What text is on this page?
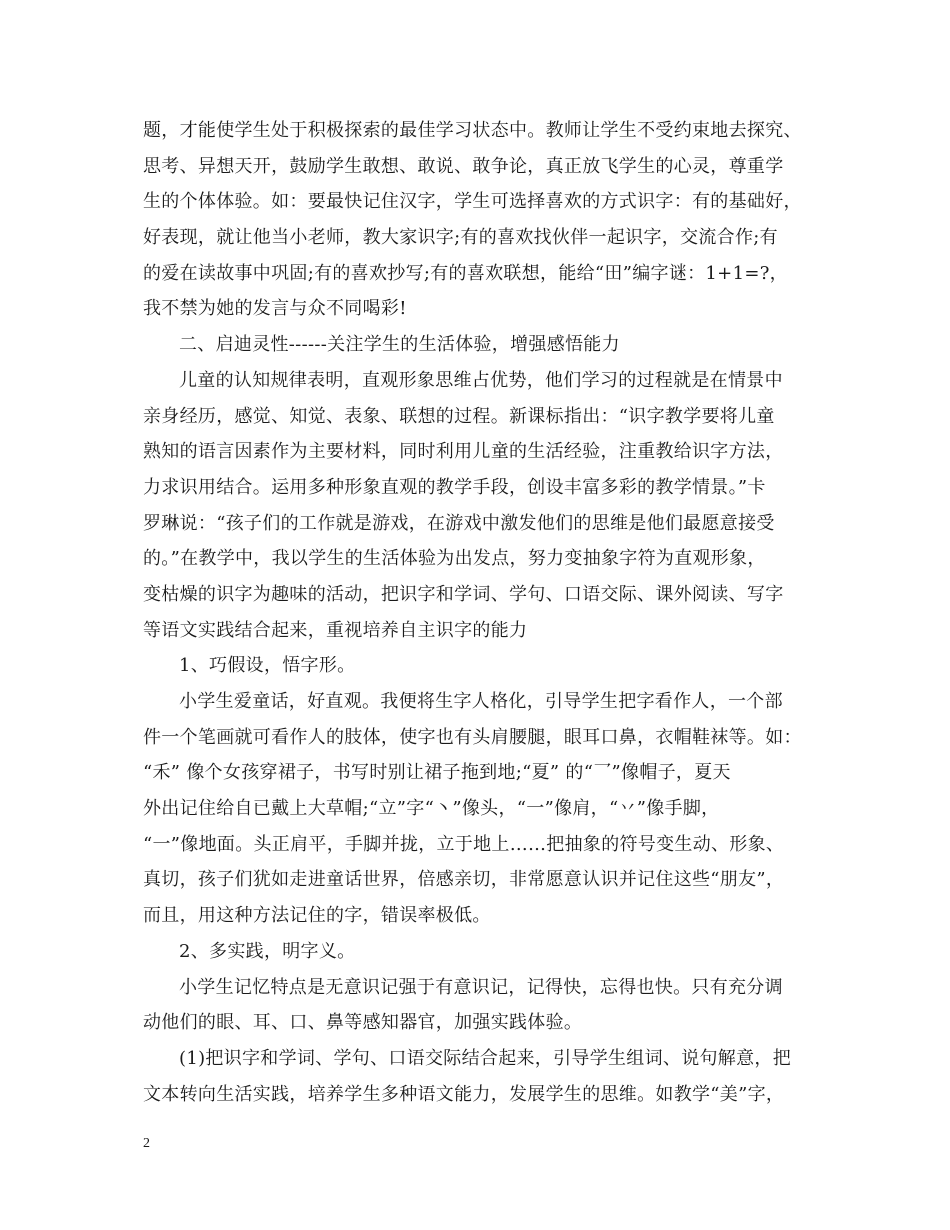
题，才能使学生处于积极探索的最佳学习状态中。教师让学生不受约束地去探究、
思考、异想天开，鼓励学生敢想、敢说、敢争论，真正放飞学生的心灵，尊重学
生的个体体验。如：要最快记住汉字，学生可选择喜欢的方式识字：有的基础好，
好表现，就让他当小老师，教大家识字;有的喜欢找伙伴一起识字，交流合作;有
的爱在读故事中巩固;有的喜欢抄写;有的喜欢联想，能给“田”编字谜：1+1=?，
我不禁为她的发言与众不同喝彩!
二、启迪灵性------关注学生的生活体验，增强感悟能力
儿童的认知规律表明，直观形象思维占优势，他们学习的过程就是在情景中
亲身经历，感觉、知觉、表象、联想的过程。新课标指出：“识字教学要将儿童
熟知的语言因素作为主要材料，同时利用儿童的生活经验，注重教给识字方法，
力求识用结合。运用多种形象直观的教学手段，创设丰富多彩的教学情景。”卡
罗琳说：“孩子们的工作就是游戏，在游戏中激发他们的思维是他们最愿意接受
的。”在教学中，我以学生的生活体验为出发点，努力变抽象字符为直观形象，
变枯燥的识字为趣味的活动，把识字和学词、学句、口语交际、课外阅读、写字
等语文实践结合起来，重视培养自主识字的能力
1、巧假设，悟字形。
小学生爱童话，好直观。我便将生字人格化，引导学生把字看作人，一个部
件一个笔画就可看作人的肢体，使字也有头肩腰腿，眼耳口鼻，衣帽鞋袜等。如：
“禾” 像个女孩穿裙子，书写时别让裙子拖到地;“夏” 的“乛”像帽子，夏天
外出记住给自已戴上大草帽;“立”字“丶”像头，“一”像肩，“丷”像手脚，
“一”像地面。头正肩平，手脚并拢，立于地上……把抽象的符号变生动、形象、
真切，孩子们犹如走进童话世界，倍感亲切，非常愿意认识并记住这些“朋友”，
而且，用这种方法记住的字，错误率极低。
2、多实践，明字义。
小学生记忆特点是无意识记强于有意识记，记得快，忘得也快。只有充分调
动他们的眼、耳、口、鼻等感知器官，加强实践体验。
(1)把识字和学词、学句、口语交际结合起来，引导学生组词、说句解意，把
文本转向生活实践，培养学生多种语文能力，发展学生的思维。如教学“美”字，
2
